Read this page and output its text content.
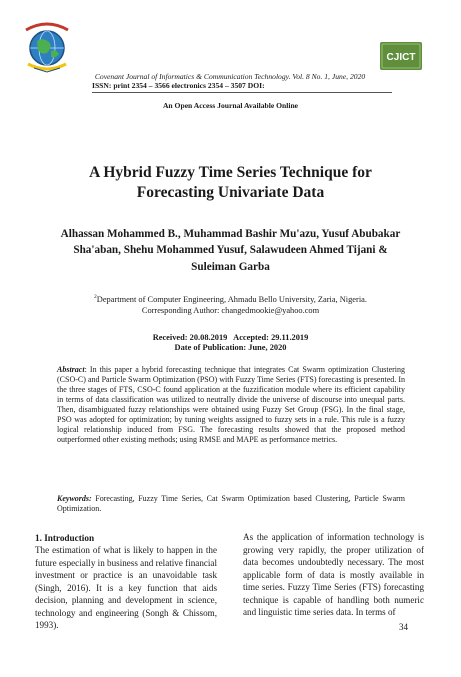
CJICT
Covenant Journal of Informatics & Communication Technology. Vol. 8 No. 1, June, 2020
ISSN: print 2354 – 3566 electronics 2354 – 3507 DOI:
An Open Access Journal Available Online
A Hybrid Fuzzy Time Series Technique for
Forecasting Univariate Data
Alhassan Mohammed B., Muhammad Bashir Mu'azu, Yusuf Abubakar
Sha'aban, Shehu Mohammed Yusuf, Salawudeen Ahmed Tijani &
Suleiman Garba
$^2$Department of Computer Engineering, Ahmadu Bello University, Zaria, Nigeria.
Corresponding Author: changedmookie@yahoo.com
Received: 20.08.2019   Accepted: 29.11.2019
Date of Publication: June, 2020
Abstract: In this paper a hybrid forecasting technique that integrates Cat Swarm optimization Clustering (CSO-C) and Particle Swarm Optimization (PSO) with Fuzzy Time Series (FTS) forecasting is presented. In the three stages of FTS, CSO-C found application at the fuzzification module where its efficient capability in terms of data classification was utilized to neutrally divide the universe of discourse into unequal parts. Then, disambiguated fuzzy relationships were obtained using Fuzzy Set Group (FSG). In the final stage, PSO was adopted for optimization; by tuning weights assigned to fuzzy sets in a rule. This rule is a fuzzy logical relationship induced from FSG. The forecasting results showed that the proposed method outperformed other existing methods; using RMSE and MAPE as performance metrics.
Keywords: Forecasting, Fuzzy Time Series, Cat Swarm Optimization based Clustering, Particle Swarm Optimization.
1. Introduction
The estimation of what is likely to happen in the future especially in business and relative financial investment or practice is an unavoidable task (Singh, 2016). It is a key function that aids decision, planning and development in science, technology and engineering (Songh & Chissom, 1993).
As the application of information technology is growing very rapidly, the proper utilization of data becomes undoubtedly necessary. The most applicable form of data is mostly available in time series. Fuzzy Time Series (FTS) forecasting technique is capable of handling both numeric and linguistic time series data. In terms of
34
